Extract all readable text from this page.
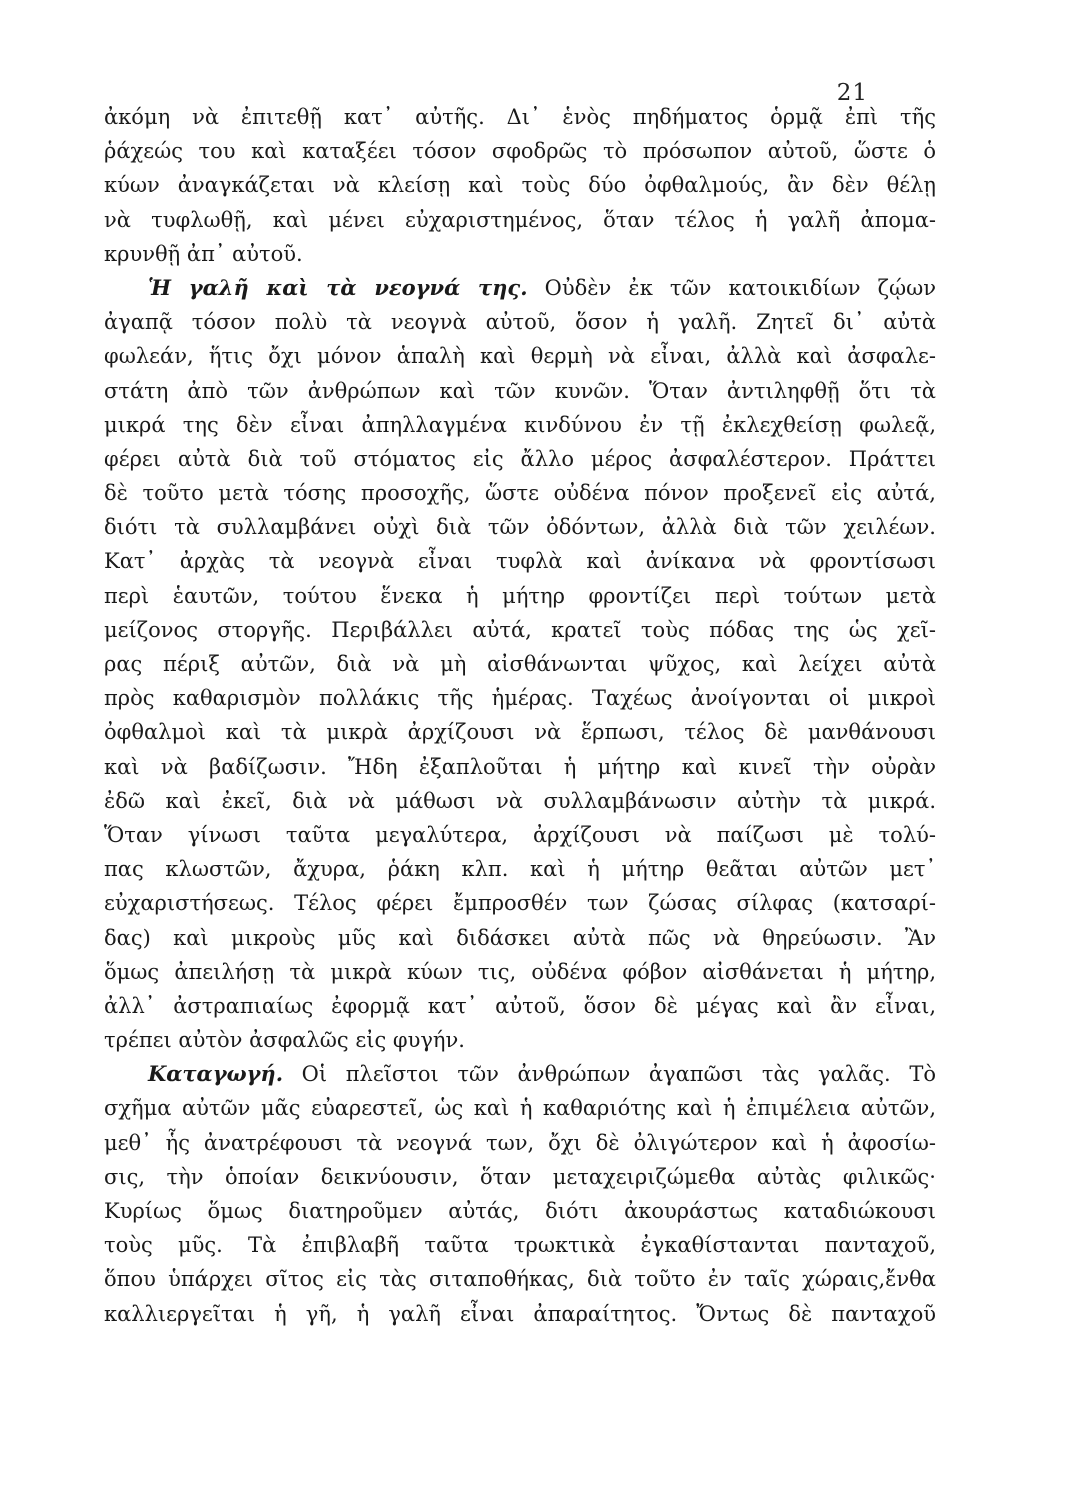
21
ἀκόμη νὰ ἐπιτεθῇ κατ᾿ αὐτῆς. Δι᾿ ἑνὸς πηδήματος ὁρμᾷ ἐπὶ τῆς
ῥάχεώς του καὶ καταξέει τόσον σφοδρῶς τὸ πρόσωπον αὐτοῦ, ὥστε ὁ
κύων ἀναγκάζεται νὰ κλείσῃ καὶ τοὺς δύο ὀφθαλμούς, ἂν δὲν θέλῃ
νὰ τυφλωθῇ, καὶ μένει εὐχαριστημένος, ὅταν τέλος ἡ γαλῆ ἀπομα-
κρυνθῇ ἀπ᾿ αὐτοῦ.
Ἡ γαλῆ καὶ τὰ νεογνά της. Οὐδὲν ἐκ τῶν κατοικιδίων ζῴων
ἀγαπᾷ τόσον πολὺ τὰ νεογνὰ αὐτοῦ, ὅσον ἡ γαλῆ. Ζητεῖ δι᾿ αὐτὰ
φωλεάν, ἥτις ὄχι μόνον ἁπαλὴ καὶ θερμὴ νὰ εἶναι, ἀλλὰ καὶ ἀσφαλε-
στάτη ἀπὸ τῶν ἀνθρώπων καὶ τῶν κυνῶν. Ὅταν ἀντιληφθῇ ὅτι τὰ
μικρά της δὲν εἶναι ἀπηλλαγμένα κινδύνου ἐν τῇ ἐκλεχθείσῃ φωλεᾷ,
φέρει αὐτὰ διὰ τοῦ στόματος εἰς ἄλλο μέρος ἀσφαλέστερον. Πράττει
δὲ τοῦτο μετὰ τόσης προσοχῆς, ὥστε οὐδένα πόνον προξενεῖ εἰς αὐτά,
διότι τὰ συλλαμβάνει οὐχὶ διὰ τῶν ὀδόντων, ἀλλὰ διὰ τῶν χειλέων.
Κατ᾿ ἀρχὰς τὰ νεογνὰ εἶναι τυφλὰ καὶ ἀνίκανα νὰ φροντίσωσι
περὶ ἑαυτῶν, τούτου ἕνεκα ἡ μήτηρ φροντίζει περὶ τούτων μετὰ
μείζονος στοργῆς. Περιβάλλει αὐτά, κρατεῖ τοὺς πόδας της ὡς χεῖ-
ρας πέριξ αὐτῶν, διὰ νὰ μὴ αἰσθάνωνται ψῦχος, καὶ λείχει αὐτὰ
πρὸς καθαρισμὸν πολλάκις τῆς ἡμέρας. Ταχέως ἀνοίγονται οἱ μικροὶ
ὀφθαλμοὶ καὶ τὰ μικρὰ ἀρχίζουσι νὰ ἕρπωσι, τέλος δὲ μανθάνουσι
καὶ νὰ βαδίζωσιν. Ἤδη ἐξαπλοῦται ἡ μήτηρ καὶ κινεῖ τὴν οὐρὰν
ἐδῶ καὶ ἐκεῖ, διὰ νὰ μάθωσι νὰ συλλαμβάνωσιν αὐτὴν τὰ μικρά.
Ὅταν γίνωσι ταῦτα μεγαλύτερα, ἀρχίζουσι νὰ παίζωσι μὲ τολύ-
πας κλωστῶν, ἄχυρα, ῥάκη κλπ. καὶ ἡ μήτηρ θεᾶται αὐτῶν μετ᾿
εὐχαριστήσεως. Τέλος φέρει ἔμπροσθέν των ζώσας σίλφας (κατσαρί-
δας) καὶ μικροὺς μῦς καὶ διδάσκει αὐτὰ πῶς νὰ θηρεύωσιν. Ἂν
ὅμως ἀπειλήσῃ τὰ μικρὰ κύων τις, οὐδένα φόβον αἰσθάνεται ἡ μήτηρ,
ἀλλ᾿ ἀστραπιαίως ἐφορμᾷ κατ᾿ αὐτοῦ, ὅσον δὲ μέγας καὶ ἂν εἶναι,
τρέπει αὐτὸν ἀσφαλῶς εἰς φυγήν.
Καταγωγή. Οἱ πλεῖστοι τῶν ἀνθρώπων ἀγαπῶσι τὰς γαλᾶς. Τὸ
σχῆμα αὐτῶν μᾶς εὐαρεστεῖ, ὡς καὶ ἡ καθαριότης καὶ ἡ ἐπιμέλεια αὐτῶν,
μεθ᾿ ἧς ἀνατρέφουσι τὰ νεογνά των, ὄχι δὲ ὀλιγώτερον καὶ ἡ ἀφοσίω-
σις, τὴν ὁποίαν δεικνύουσιν, ὅταν μεταχειριζώμεθα αὐτὰς φιλικῶς·
Κυρίως ὅμως διατηροῦμεν αὐτάς, διότι ἀκουράστως καταδιώκουσι
τοὺς μῦς. Τὰ ἐπιβλαβῆ ταῦτα τρωκτικὰ ἐγκαθίστανται πανταχοῦ,
ὅπου ὑπάρχει σῖτος εἰς τὰς σιταποθήκας, διὰ τοῦτο ἐν ταῖς χώραις,ἔνθα
καλλιεργεῖται ἡ γῆ, ἡ γαλῆ εἶναι ἀπαραίτητος. Ὄντως δὲ πανταχοῦ
